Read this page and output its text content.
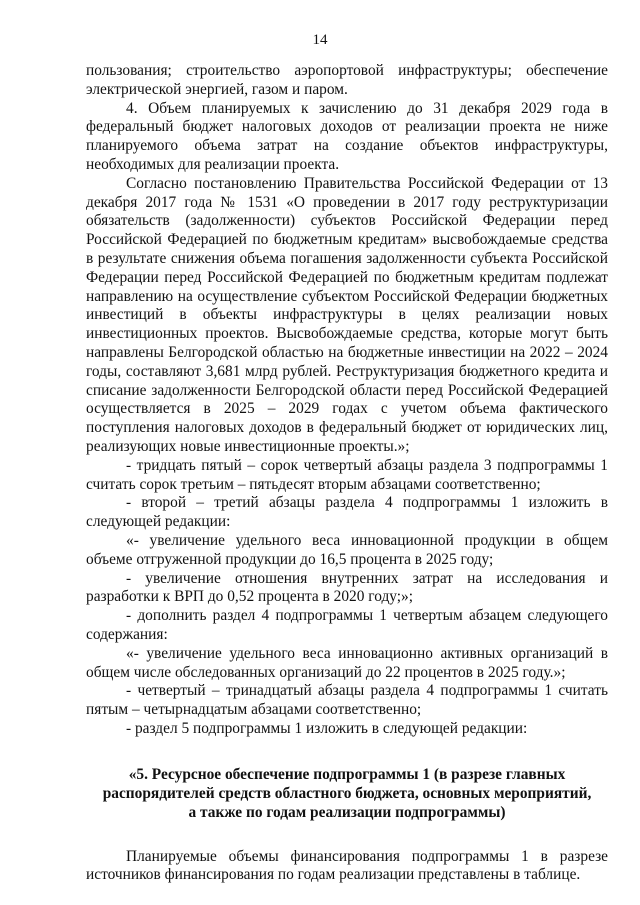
14

пользования; строительство аэропортовой инфраструктуры; обеспечение электрической энергией, газом и паром.

4. Объем планируемых к зачислению до 31 декабря 2029 года в федеральный бюджет налоговых доходов от реализации проекта не ниже планируемого объема затрат на создание объектов инфраструктуры, необходимых для реализации проекта.

Согласно постановлению Правительства Российской Федерации от 13 декабря 2017 года № 1531 «О проведении в 2017 году реструктуризации обязательств (задолженности) субъектов Российской Федерации перед Российской Федерацией по бюджетным кредитам» высвобождаемые средства в результате снижения объема погашения задолженности субъекта Российской Федерации перед Российской Федерацией по бюджетным кредитам подлежат направлению на осуществление субъектом Российской Федерации бюджетных инвестиций в объекты инфраструктуры в целях реализации новых инвестиционных проектов. Высвобождаемые средства, которые могут быть направлены Белгородской областью на бюджетные инвестиции на 2022 – 2024 годы, составляют 3,681 млрд рублей. Реструктуризация бюджетного кредита и списание задолженности Белгородской области перед Российской Федерацией осуществляется в 2025 – 2029 годах с учетом объема фактического поступления налоговых доходов в федеральный бюджет от юридических лиц, реализующих новые инвестиционные проекты.»;

- тридцать пятый – сорок четвертый абзацы раздела 3 подпрограммы 1 считать сорок третьим – пятьдесят вторым абзацами соответственно;

- второй – третий абзацы раздела 4 подпрограммы 1 изложить в следующей редакции:

«- увеличение удельного веса инновационной продукции в общем объеме отгруженной продукции до 16,5 процента в 2025 году;

- увеличение отношения внутренних затрат на исследования и разработки к ВРП до 0,52 процента в 2020 году;»;

- дополнить раздел 4 подпрограммы 1 четвертым абзацем следующего содержания:

«- увеличение удельного веса инновационно активных организаций в общем числе обследованных организаций до 22 процентов в 2025 году.»;

- четвертый – тринадцатый абзацы раздела 4 подпрограммы 1 считать пятым – четырнадцатым абзацами соответственно;

- раздел 5 подпрограммы 1 изложить в следующей редакции:

«5. Ресурсное обеспечение подпрограммы 1 (в разрезе главных
распорядителей средств областного бюджета, основных мероприятий,
а также по годам реализации подпрограммы)

Планируемые объемы финансирования подпрограммы 1 в разрезе источников финансирования по годам реализации представлены в таблице.
